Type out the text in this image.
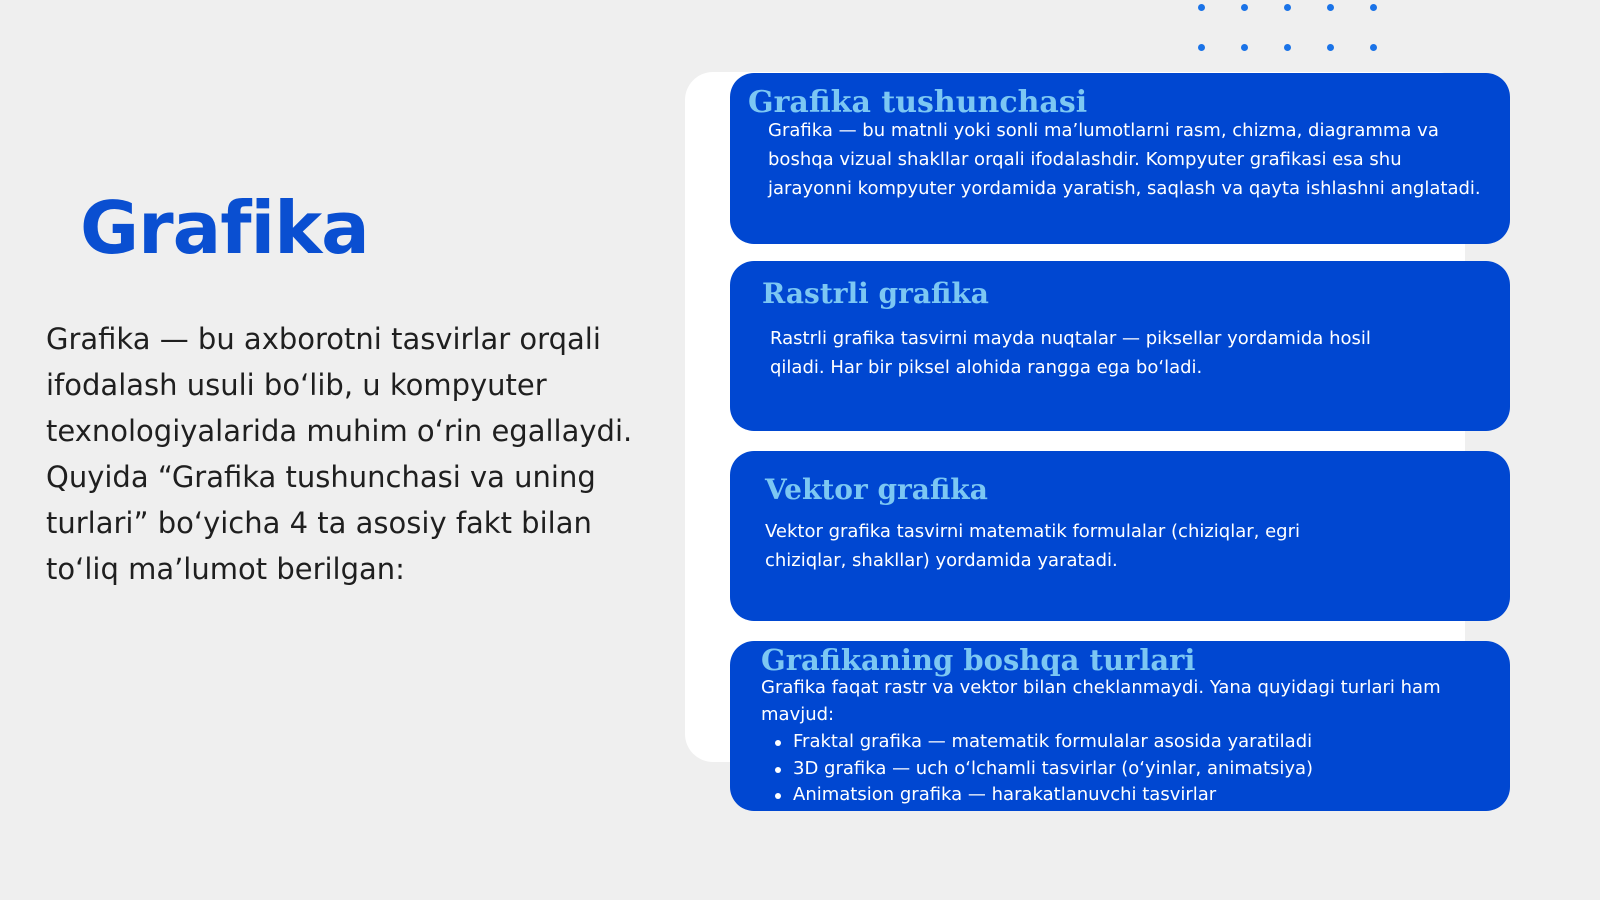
Grafika

Grafika — bu axborotni tasvirlar orqali ifodalash usuli bo‘lib, u kompyuter texnologiyalarida muhim o‘rin egallaydi. Quyida “Grafika tushunchasi va uning turlari” bo‘yicha 4 ta asosiy fakt bilan to‘liq ma’lumot berilgan:

Grafika tushunchasi

Grafika — bu matnli yoki sonli ma’lumotlarni rasm, chizma, diagramma va boshqa vizual shakllar orqali ifodalashdir. Kompyuter grafikasi esa shu jarayonni kompyuter yordamida yaratish, saqlash va qayta ishlashni anglatadi.

Rastrli grafika

Rastrli grafika tasvirni mayda nuqtalar — piksellar yordamida hosil qiladi. Har bir piksel alohida rangga ega bo‘ladi.

Vektor grafika

Vektor grafika tasvirni matematik formulalar (chiziqlar, egri chiziqlar, shakllar) yordamida yaratadi.

Grafikaning boshqa turlari

Grafika faqat rastr va vektor bilan cheklanmaydi. Yana quyidagi turlari ham mavjud:

Fraktal grafika — matematik formulalar asosida yaratiladi
3D grafika — uch o‘lchamli tasvirlar (o‘yinlar, animatsiya)
Animatsion grafika — harakatlanuvchi tasvirlar
